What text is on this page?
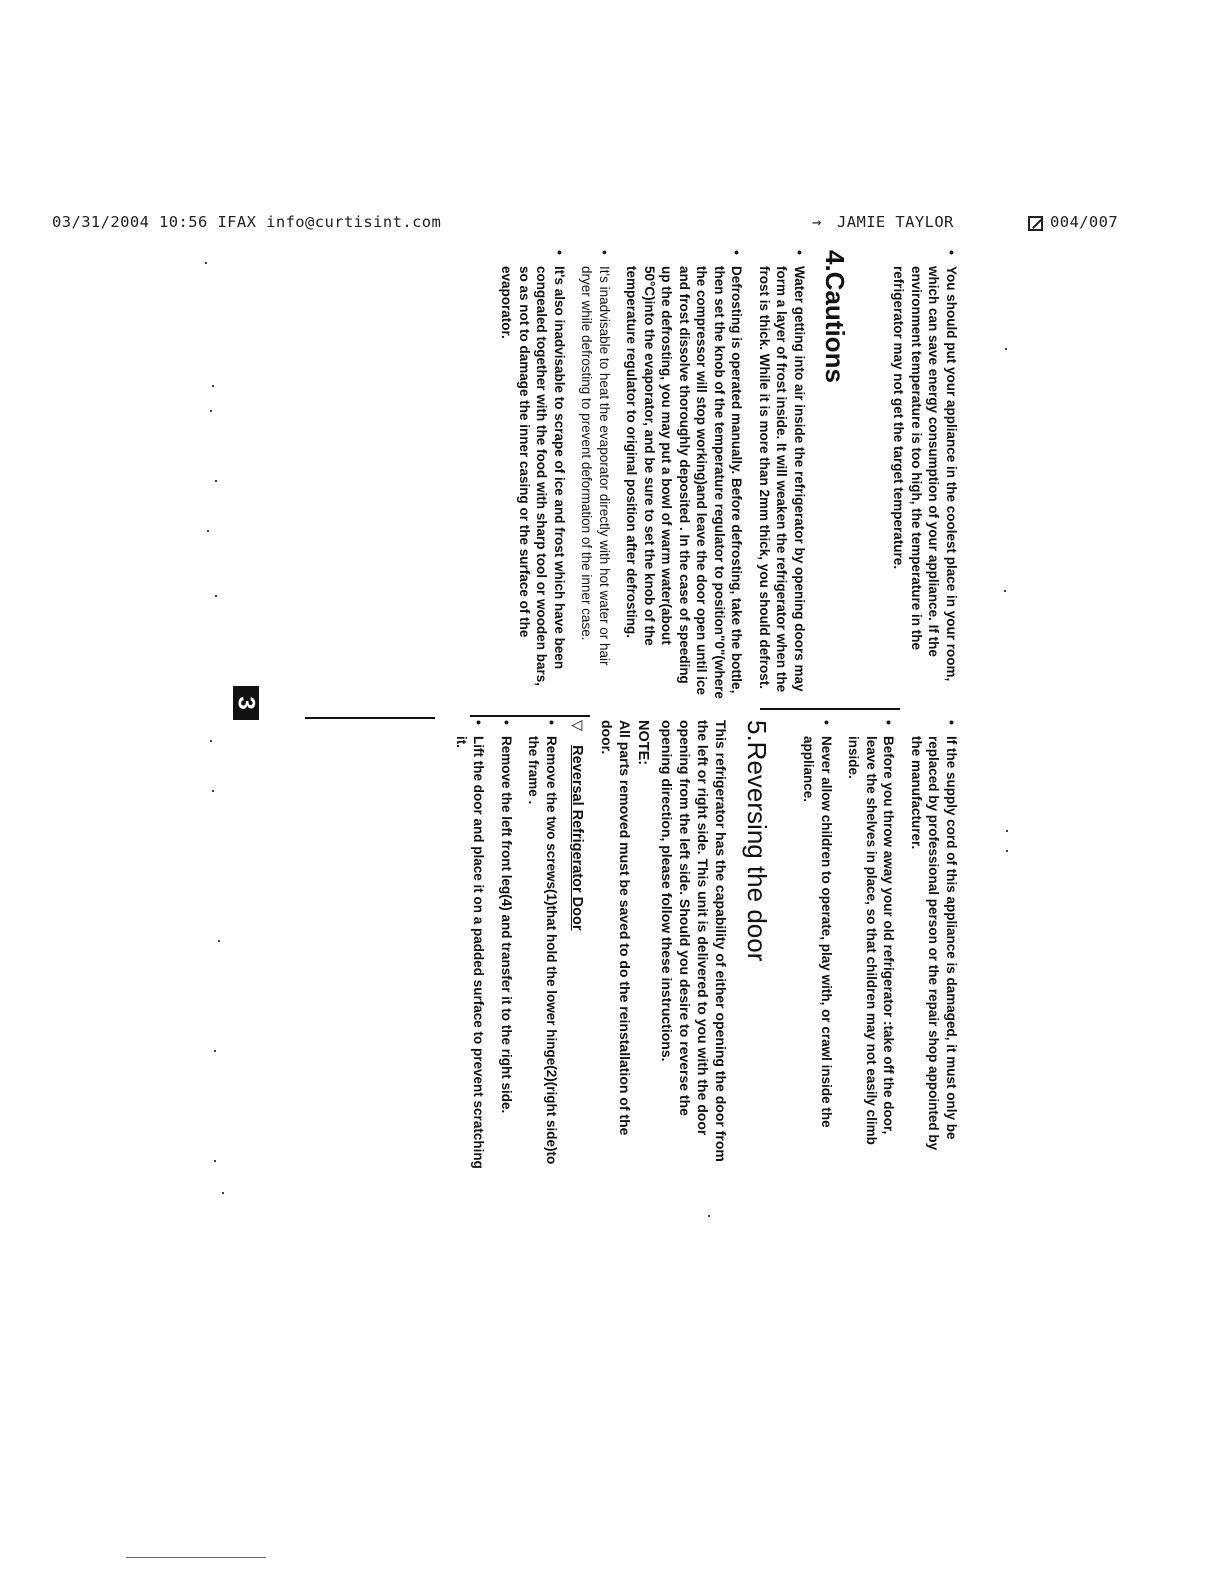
03/31/2004 10:56 IFAX info@curtisint.com	→ JAMIE TAYLOR	004/007
• You should put your appliance in the coolest place in your room, which can save energy consumption of your appliance. If the environment temperature is too high, the temperature in the refrigerator may not get the target temperature.
4.Cautions
• Water getting into air inside the refrigerator by opening doors may form a layer of frost inside. It will weaken the refrigerator when the frost is thick. While it is more than 2mm thick, you should defrost.
• Defrosting is operated manually. Before defrosting, take the bottle, then set the knob of the temperature regulator to position"0"(where the compressor will stop working)and leave the door open until ice and frost dissolve thoroughly deposited . In the case of speeding up the defrosting, you may put a bowl of warm water(about 50°C)into the evaporator, and be sure to set the knob of the temperature regulator to original position after defrosting.
• It's inadvisable to heat the evaporator directly with hot water or hair dryer while defrosting to prevent deformation of the inner case.
• It's also inadvisable to scrape of ice and frost which have been congealed together with the food with sharp tool or wooden bars, so as not to damage the inner casing or the surface of the evaporator.
• If the supply cord of this appliance is damaged, it must only be replaced by professional person or the repair shop appointed by the manufacturer.
• Before you throw away your old refrigerator :take off the door, leave the shelves in place, so that children may not easily climb inside.
• Never allow children to operate, play with, or crawl inside the appliance.
5.Reversing the door
This refrigerator has the capability of either opening the door from the left or right side. This unit is delivered to you with the door opening from the left side. Should you desire to reverse the opening direction, please follow these instructions.
NOTE:
All parts removed must be saved to do the reinstallation of the door.
▽Reversal Refrigerator Door
• Remove the two screws(1)that hold the lower hinge(2)(right side)to the frame .
• Remove the left front leg(4) and transfer it to the right side.
• Lift the door and place it on a padded surface to prevent scratching it.
3
